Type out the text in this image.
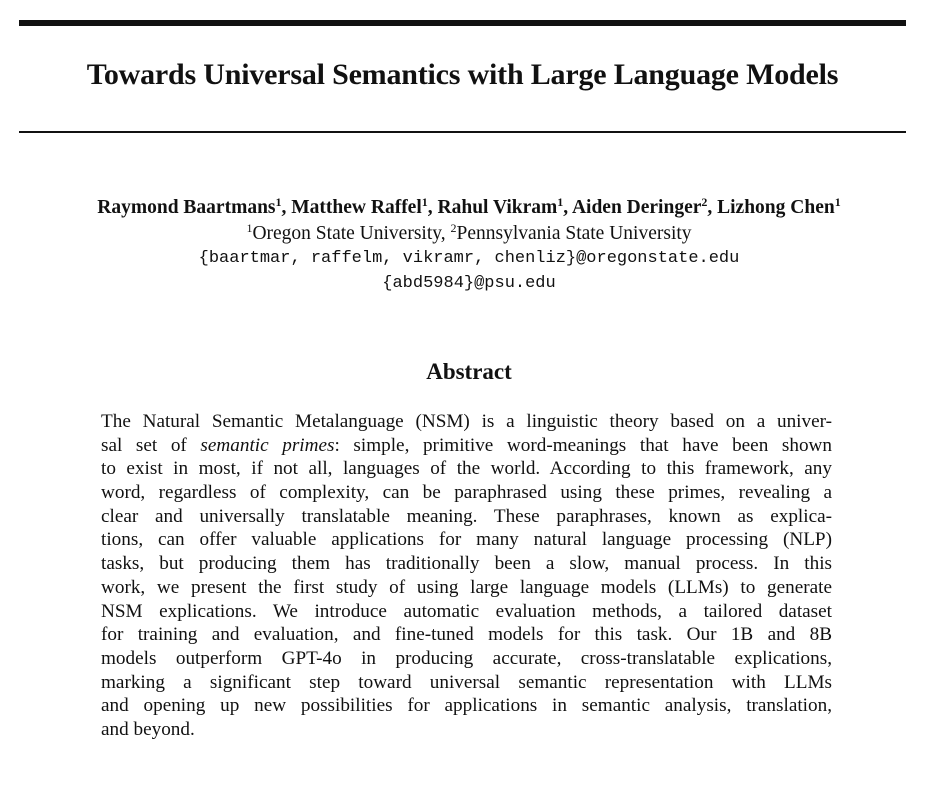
Towards Universal Semantics with Large Language Models
Raymond Baartmans$^1$, Matthew Raffel$^1$, Rahul Vikram$^1$, Aiden Deringer$^2$, Lizhong Chen$^1$
$^1$Oregon State University, $^2$Pennsylvania State University
{baartmar, raffelm, vikramr, chenliz}@oregonstate.edu
{abd5984}@psu.edu
Abstract
The Natural Semantic Metalanguage (NSM) is a linguistic theory based on a univer-
sal set of semantic primes: simple, primitive word-meanings that have been shown
to exist in most, if not all, languages of the world. According to this framework, any
word, regardless of complexity, can be paraphrased using these primes, revealing a
clear and universally translatable meaning. These paraphrases, known as explica-
tions, can offer valuable applications for many natural language processing (NLP)
tasks, but producing them has traditionally been a slow, manual process. In this
work, we present the first study of using large language models (LLMs) to generate
NSM explications. We introduce automatic evaluation methods, a tailored dataset
for training and evaluation, and fine-tuned models for this task. Our 1B and 8B
models outperform GPT-4o in producing accurate, cross-translatable explications,
marking a significant step toward universal semantic representation with LLMs
and opening up new possibilities for applications in semantic analysis, translation,
and beyond.
